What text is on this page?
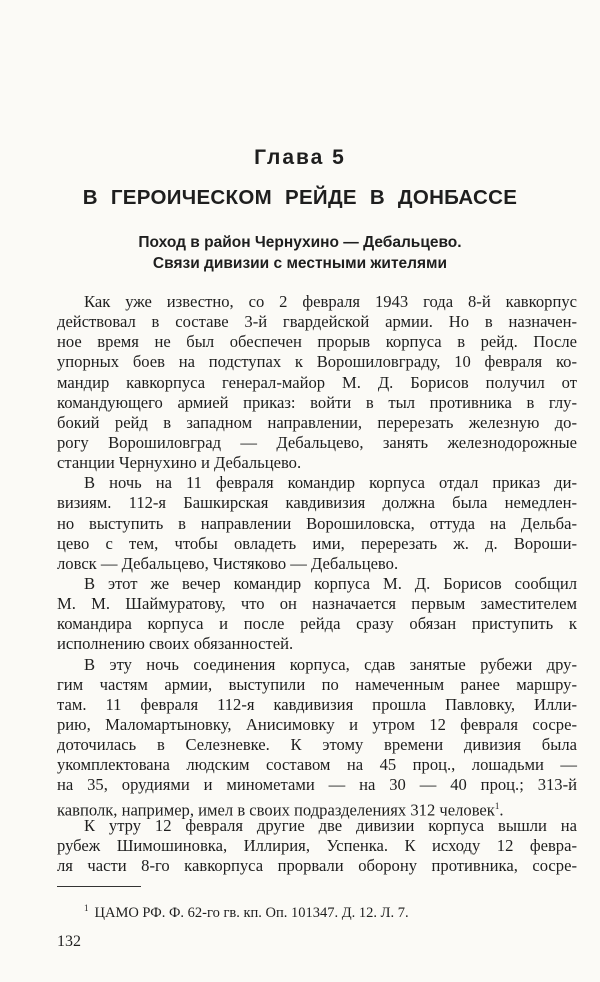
Глава 5
В ГЕРОИЧЕСКОМ РЕЙДЕ В ДОНБАССЕ
Поход в район Чернухино — Дебальцево.
Связи дивизии с местными жителями
Как уже известно, со 2 февраля 1943 года 8-й кавкорпус
действовал в составе 3-й гвардейской армии. Но в назначен-
ное время не был обеспечен прорыв корпуса в рейд. После
упорных боев на подступах к Ворошиловграду, 10 февраля ко-
мандир кавкорпуса генерал-майор М. Д. Борисов получил от
командующего армией приказ: войти в тыл противника в глу-
бокий рейд в западном направлении, перерезать железную до-
рогу Ворошиловград — Дебальцево, занять железнодорожные
станции Чернухино и Дебальцево.
В ночь на 11 февраля командир корпуса отдал приказ ди-
визиям. 112-я Башкирская кавдивизия должна была немедлен-
но выступить в направлении Ворошиловска, оттуда на Дельба-
цево с тем, чтобы овладеть ими, перерезать ж. д. Вороши-
ловск — Дебальцево, Чистяково — Дебальцево.
В этот же вечер командир корпуса М. Д. Борисов сообщил
М. М. Шаймуратову, что он назначается первым заместителем
командира корпуса и после рейда сразу обязан приступить к
исполнению своих обязанностей.
В эту ночь соединения корпуса, сдав занятые рубежи дру-
гим частям армии, выступили по намеченным ранее маршру-
там. 11 февраля 112-я кавдивизия прошла Павловку, Илли-
рию, Маломартыновку, Анисимовку и утром 12 февраля сосре-
доточилась в Селезневке. К этому времени дивизия была
укомплектована людским составом на 45 проц., лошадьми —
на 35, орудиями и минометами — на 30 — 40 проц.; 313-й
кавполк, например, имел в своих подразделениях 312 человек$^1$.
К утру 12 февраля другие две дивизии корпуса вышли на
рубеж Шимошиновка, Иллирия, Успенка. К исходу 12 февра-
ля части 8-го кавкорпуса прорвали оборону противника, сосре-
$^1$ ЦАМО РФ. Ф. 62-го гв. кп. Оп. 101347. Д. 12. Л. 7.
132
